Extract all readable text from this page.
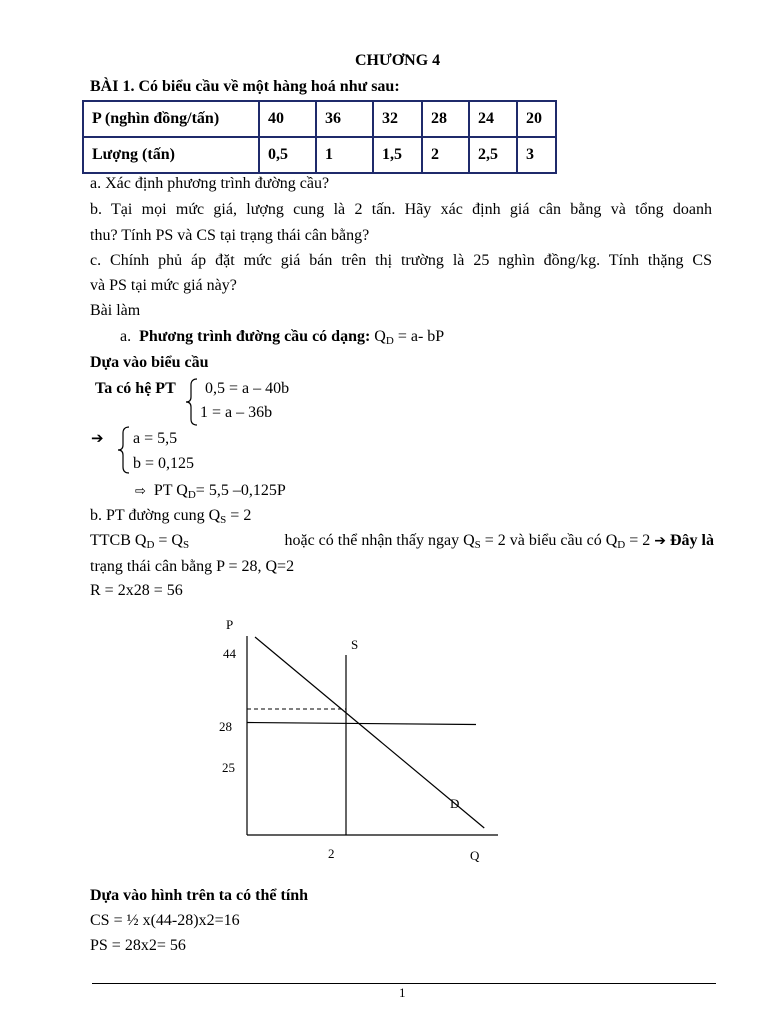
CHƯƠNG 4
BÀI 1. Có biểu cầu về một hàng hoá như sau:
P (nghìn đồng/tấn)	40	36	32	28	24	20
Lượng (tấn)	0,5	1	1,5	2	2,5	3
a. Xác định phương trình đường cầu?
b. Tại mọi mức giá, lượng cung là 2 tấn. Hãy xác định giá cân bằng và tổng doanh
thu? Tính PS và CS tại trạng thái cân bằng?
c. Chính phủ áp đặt mức giá bán trên thị trường là 25 nghìn đồng/kg. Tính thặng CS
và PS tại mức giá này?
Bài làm
a. Phương trình đường cầu có dạng: $Q_D = a-$ bP
Dựa vào biểu cầu
Ta có hệ PT 0,5 = a – 40b
1 = a – 36b
➔ a = 5,5
b = 0,125
⇨ PT $Q_D= 5,5$ –0,125P
b. PT đường cung $Q_S = 2$
TTCB $Q_D = Q_S$	hoặc có thể nhận thấy ngay $Q_S = 2$ và biểu cầu có $Q_D = 2$ ➔ Đây là
trạng thái cân bằng P = 28, Q=2
R = 2x28 = 56
P
Q
44
28
25
2
S
D
Dựa vào hình trên ta có thể tính
CS = ½ x(44-28)x2=16
PS = 28x2= 56
1
